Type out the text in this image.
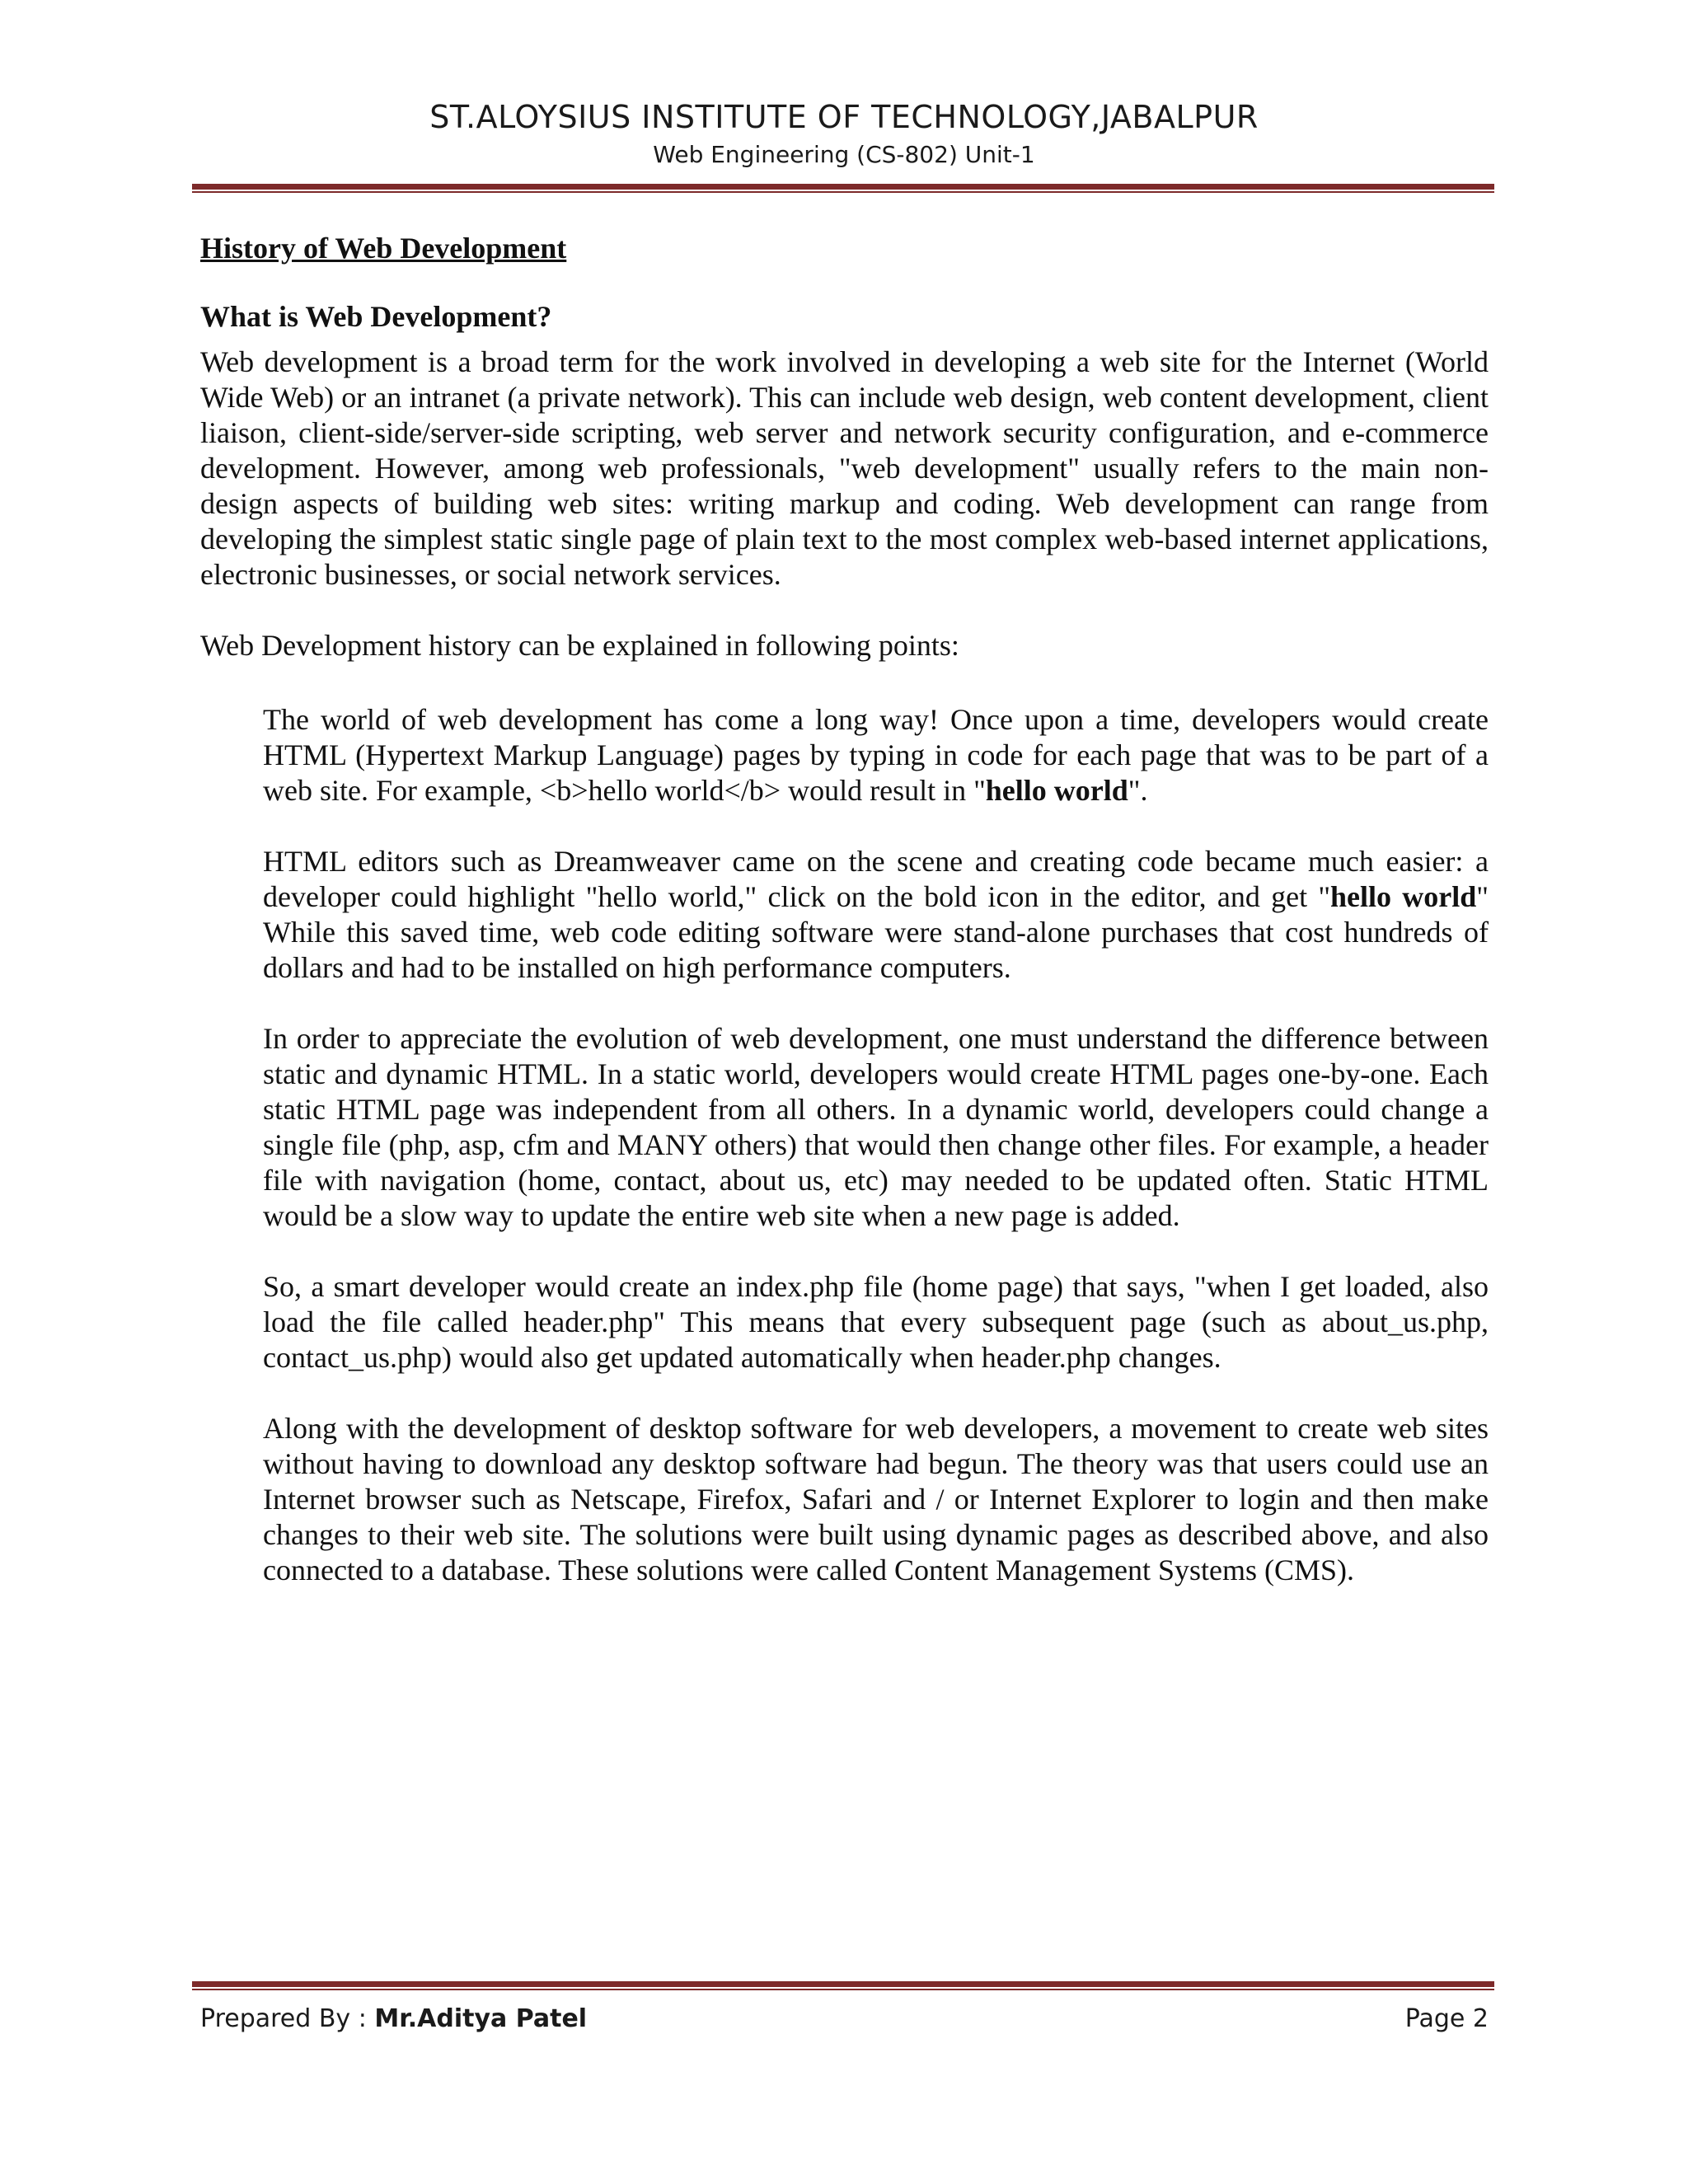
ST.ALOYSIUS INSTITUTE OF TECHNOLOGY,JABALPUR
Web Engineering (CS-802) Unit-1
History of Web Development
What is Web Development?

Web development is a broad term for the work involved in developing a web site for the Internet (World Wide Web) or an intranet (a private network). This can include web design, web content development, client liaison, client-side/server-side scripting, web server and network security configuration, and e-commerce development. However, among web professionals, "web development" usually refers to the main non-design aspects of building web sites: writing markup and coding. Web development can range from developing the simplest static single page of plain text to the most complex web-based internet applications, electronic businesses, or social network services.

Web Development history can be explained in following points:

The world of web development has come a long way! Once upon a time, developers would create HTML (Hypertext Markup Language) pages by typing in code for each page that was to be part of a web site. For example, <b>hello world</b> would result in "hello world".

HTML editors such as Dreamweaver came on the scene and creating code became much easier: a developer could highlight "hello world," click on the bold icon in the editor, and get "hello world" While this saved time, web code editing software were stand-alone purchases that cost hundreds of dollars and had to be installed on high performance computers.

In order to appreciate the evolution of web development, one must understand the difference between static and dynamic HTML. In a static world, developers would create HTML pages one-by-one. Each static HTML page was independent from all others. In a dynamic world, developers could change a single file (php, asp, cfm and MANY others) that would then change other files. For example, a header file with navigation (home, contact, about us, etc) may needed to be updated often. Static HTML would be a slow way to update the entire web site when a new page is added.

So, a smart developer would create an index.php file (home page) that says, "when I get loaded, also load the file called header.php" This means that every subsequent page (such as about_us.php, contact_us.php) would also get updated automatically when header.php changes.

Along with the development of desktop software for web developers, a movement to create web sites without having to download any desktop software had begun. The theory was that users could use an Internet browser such as Netscape, Firefox, Safari and / or Internet Explorer to login and then make changes to their web site. The solutions were built using dynamic pages as described above, and also connected to a database. These solutions were called Content Management Systems (CMS).

Prepared By : Mr.Aditya Patel	Page 2
